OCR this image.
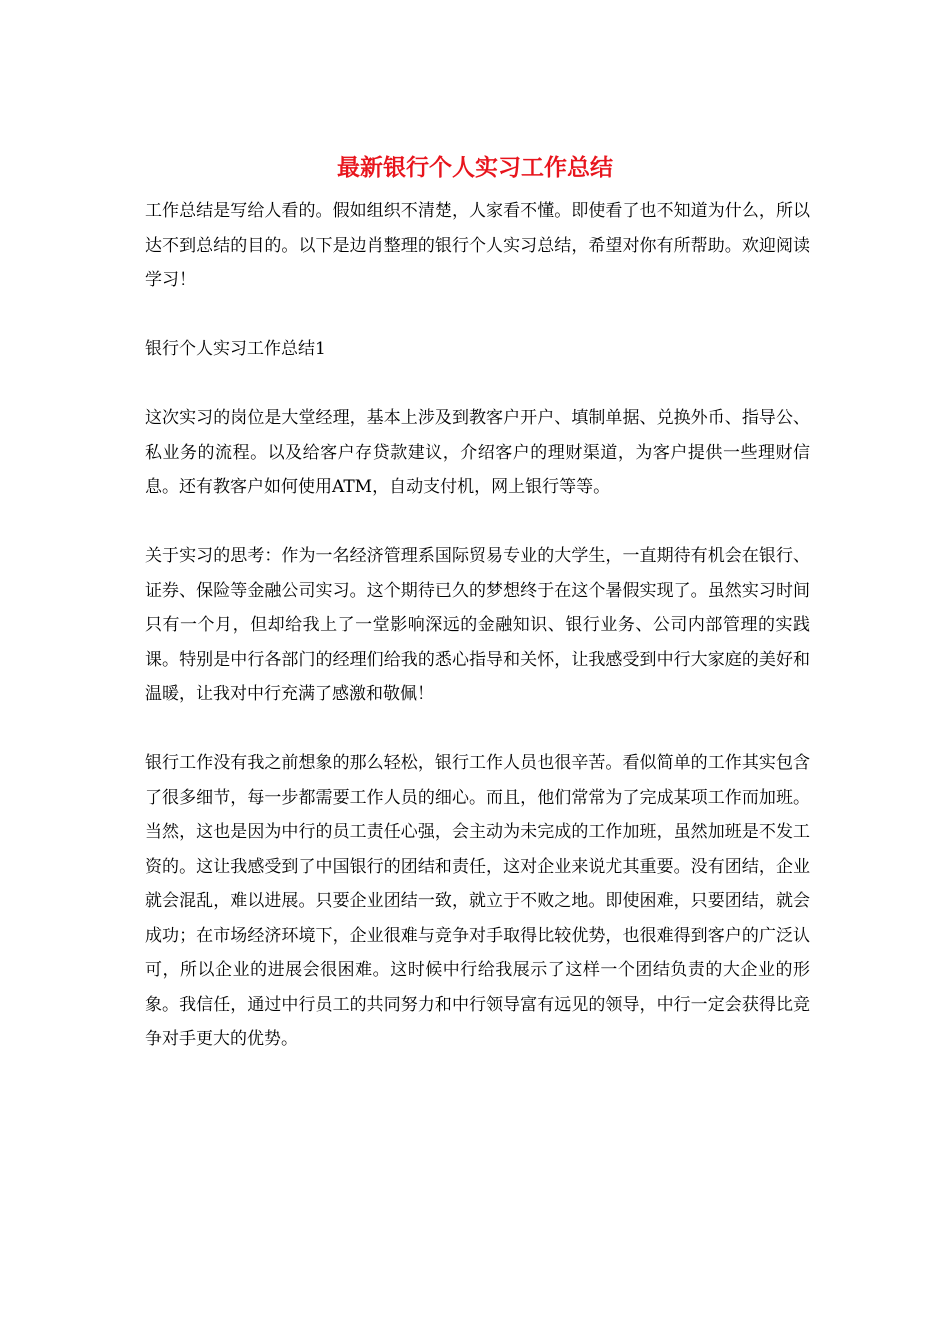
最新银行个人实习工作总结

工作总结是写给人看的。假如组织不清楚，人家看不懂。即使看了也不知道为什么，所以达不到总结的目的。以下是边肖整理的银行个人实习总结，希望对你有所帮助。欢迎阅读学习！

银行个人实习工作总结1

这次实习的岗位是大堂经理，基本上涉及到教客户开户、填制单据、兑换外币、指导公、私业务的流程。以及给客户存贷款建议，介绍客户的理财渠道，为客户提供一些理财信息。还有教客户如何使用ATM，自动支付机，网上银行等等。

关于实习的思考：作为一名经济管理系国际贸易专业的大学生，一直期待有机会在银行、证券、保险等金融公司实习。这个期待已久的梦想终于在这个暑假实现了。虽然实习时间只有一个月，但却给我上了一堂影响深远的金融知识、银行业务、公司内部管理的实践课。特别是中行各部门的经理们给我的悉心指导和关怀，让我感受到中行大家庭的美好和温暖，让我对中行充满了感激和敬佩！

银行工作没有我之前想象的那么轻松，银行工作人员也很辛苦。看似简单的工作其实包含了很多细节，每一步都需要工作人员的细心。而且，他们常常为了完成某项工作而加班。当然，这也是因为中行的员工责任心强，会主动为未完成的工作加班，虽然加班是不发工资的。这让我感受到了中国银行的团结和责任，这对企业来说尤其重要。没有团结，企业就会混乱，难以进展。只要企业团结一致，就立于不败之地。即使困难，只要团结，就会成功；在市场经济环境下，企业很难与竞争对手取得比较优势，也很难得到客户的广泛认可，所以企业的进展会很困难。这时候中行给我展示了这样一个团结负责的大企业的形象。我信任，通过中行员工的共同努力和中行领导富有远见的领导，中行一定会获得比竞争对手更大的优势。
